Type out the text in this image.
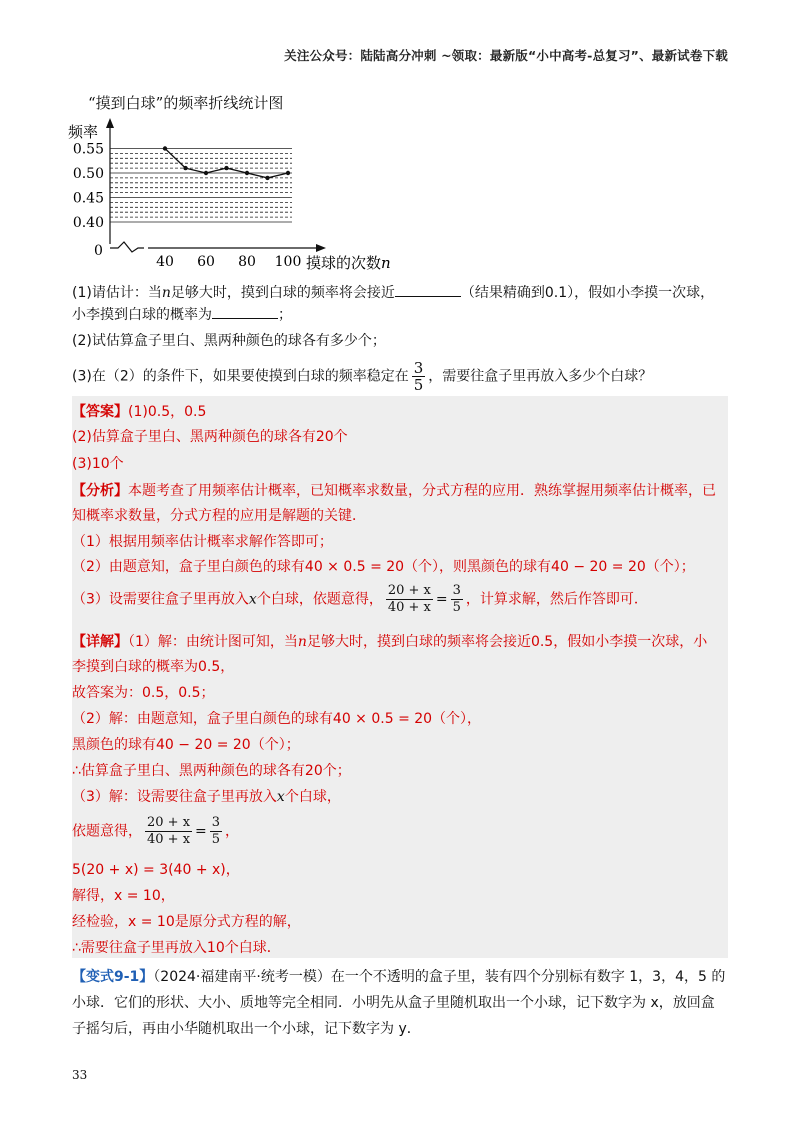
关注公众号：陆陆高分冲刺 ~领取：最新版“小中高考-总复习”、最新试卷下载
“摸到白球”的频率折线统计图
0.55
0.50
0.45
0.40
频率
0
40 60 80 100 摸球的次数n
(1)请估计：当n足够大时，摸到白球的频率将会接近	（结果精确到0.1），假如小李摸一次球，
小李摸到白球的概率为	；
(2)试估算盒子里白、黑两种颜色的球各有多少个；
(3)在（2）的条件下，如果要使摸到白球的频率稳定在 $\frac{3}{5}$ ，需要往盒子里再放入多少个白球？
【答案】(1)0.5，0.5
(2)估算盒子里白、黑两种颜色的球各有20个
(3)10个
【分析】本题考查了用频率估计概率，已知概率求数量，分式方程的应用．熟练掌握用频率估计概率，已
知概率求数量，分式方程的应用是解题的关键．
（1）根据用频率估计概率求解作答即可；
（2）由题意知，盒子里白颜色的球有40 × 0.5 = 20（个），则黑颜色的球有40 − 20 = 20（个）；
（3）设需要往盒子里再放入x个白球，依题意得， $\frac{20 + x}{40 + x} = \frac{3}{5}$ ，计算求解，然后作答即可．
【详解】（1）解：由统计图可知，当n足够大时，摸到白球的频率将会接近0.5，假如小李摸一次球，小
李摸到白球的概率为0.5，
故答案为：0.5，0.5；
（2）解：由题意知，盒子里白颜色的球有40 × 0.5 = 20（个），
黑颜色的球有40 − 20 = 20（个）；
∴估算盒子里白、黑两种颜色的球各有20个；
（3）解：设需要往盒子里再放入x个白球，
依题意得， $\frac{20 + x}{40 + x} = \frac{3}{5}$ ，
5(20 + x) = 3(40 + x)，
解得，x = 10，
经检验，x = 10是原分式方程的解，
∴需要往盒子里再放入10个白球．
【变式9-1】（2024·福建南平·统考一模）在一个不透明的盒子里，装有四个分别标有数字 1，3，4，5 的
小球．它们的形状、大小、质地等完全相同．小明先从盒子里随机取出一个小球，记下数字为 x，放回盒
子摇匀后，再由小华随机取出一个小球，记下数字为 y．
33
